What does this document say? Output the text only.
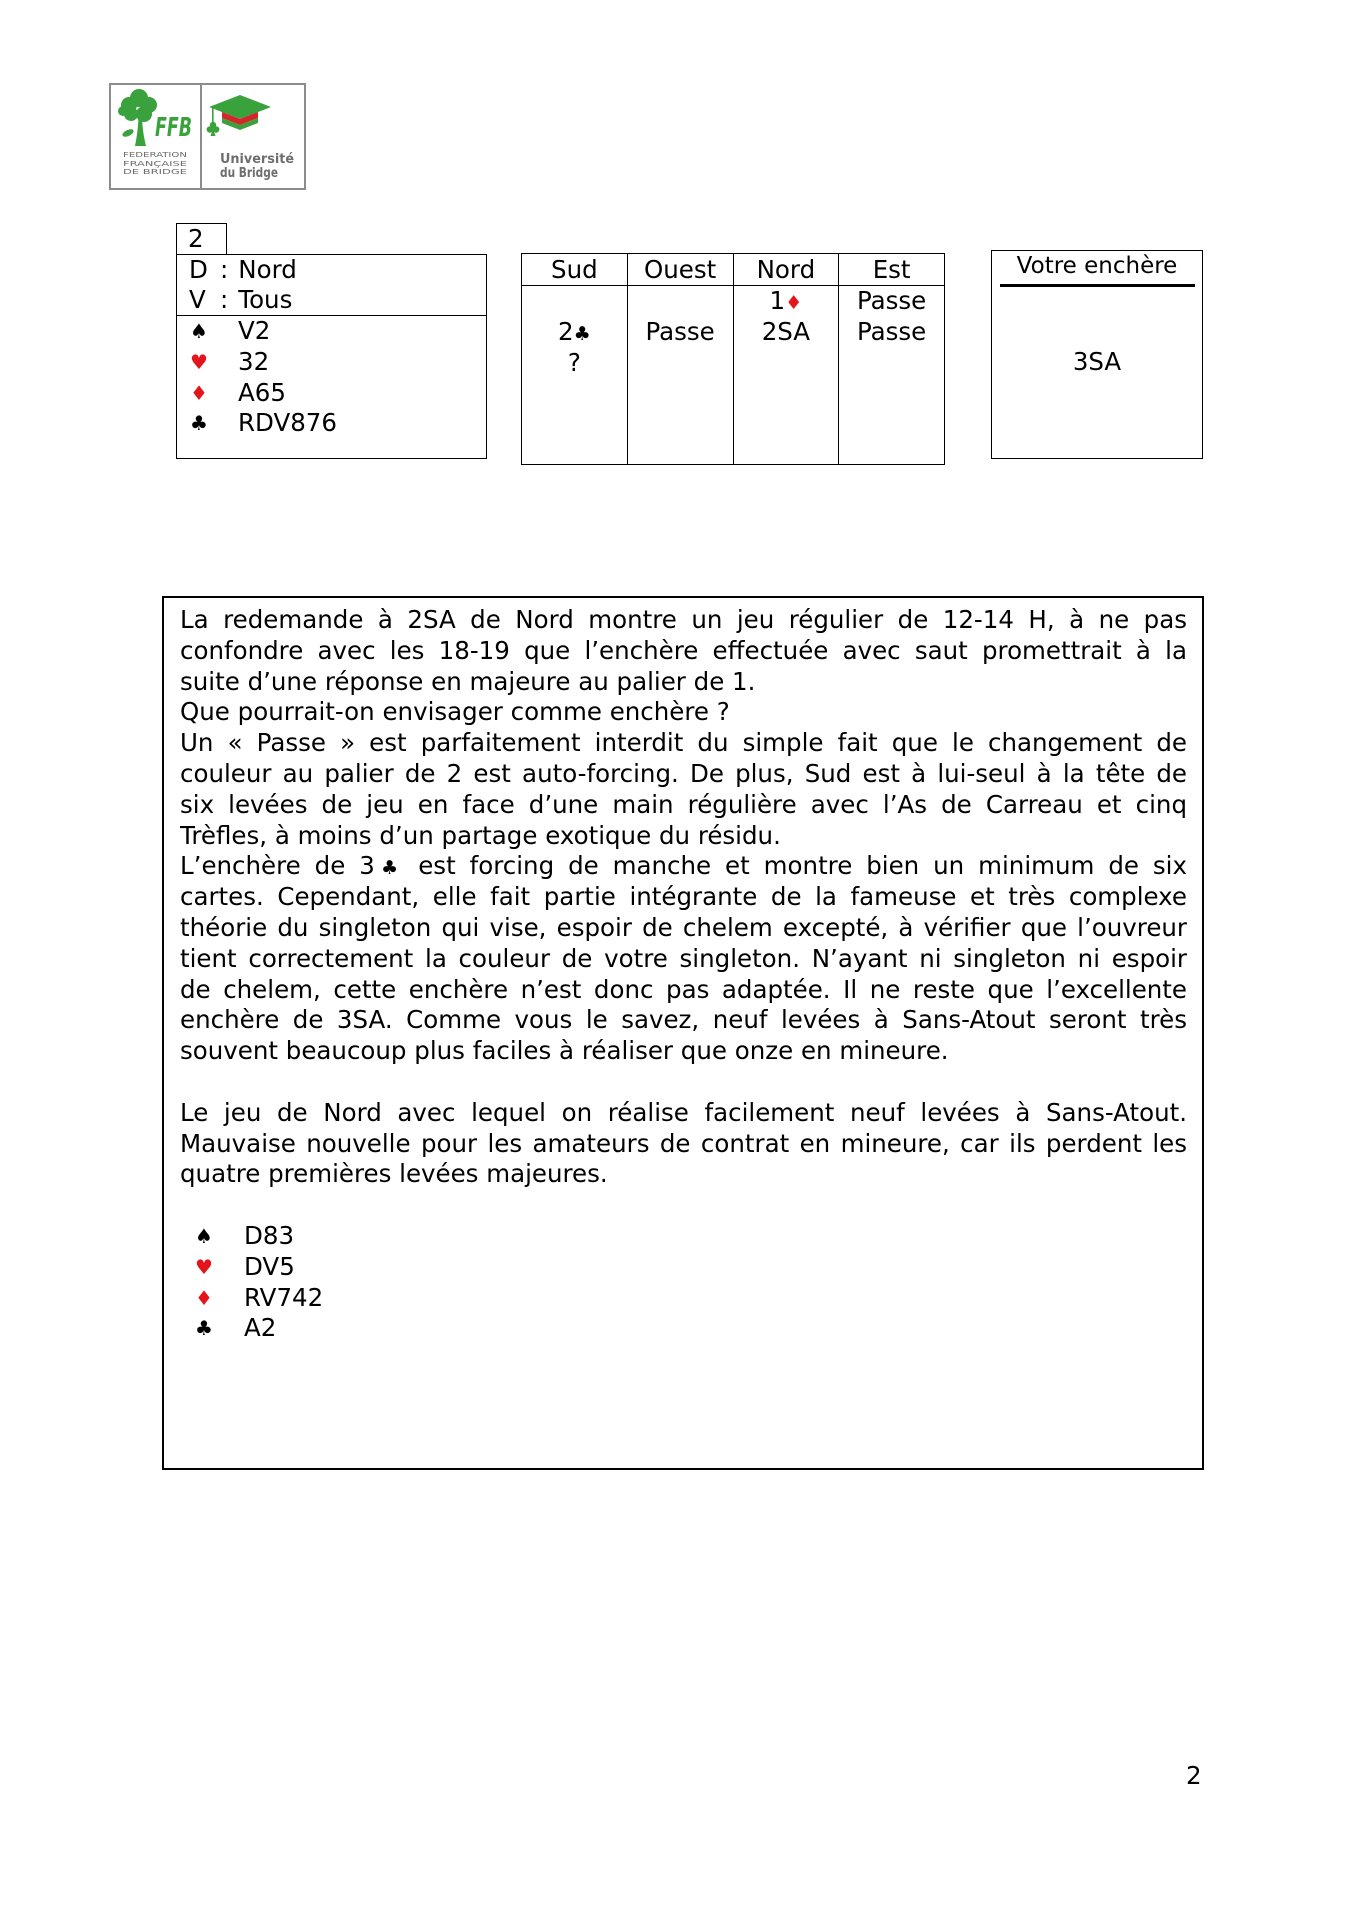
FFB
FEDERATION
FRANÇAISE
DE BRIDGE
Université
du Bridge
2
D : Nord
V : Tous
♠ V2
♥ 32
♦ A65
♣ RDV876
Sud
2♣
?
Ouest
Passe
Nord
1♦
2SA
Est
Passe
Passe
Votre enchère
3SA
La redemande à 2SA de Nord montre un jeu régulier de 12-14 H, à ne pas
confondre avec les 18-19 que l’enchère effectuée avec saut promettrait à la
suite d’une réponse en majeure au palier de 1.
Que pourrait-on envisager comme enchère ?
Un « Passe » est parfaitement interdit du simple fait que le changement de
couleur au palier de 2 est auto-forcing. De plus, Sud est à lui-seul à la tête de
six levées de jeu en face d’une main régulière avec l’As de Carreau et cinq
Trèfles, à moins d’un partage exotique du résidu.
L’enchère de 3♣ est forcing de manche et montre bien un minimum de six
cartes. Cependant, elle fait partie intégrante de la fameuse et très complexe
théorie du singleton qui vise, espoir de chelem excepté, à vérifier que l’ouvreur
tient correctement la couleur de votre singleton. N’ayant ni singleton ni espoir
de chelem, cette enchère n’est donc pas adaptée. Il ne reste que l’excellente
enchère de 3SA. Comme vous le savez, neuf levées à Sans-Atout seront très
souvent beaucoup plus faciles à réaliser que onze en mineure.
Le jeu de Nord avec lequel on réalise facilement neuf levées à Sans-Atout.
Mauvaise nouvelle pour les amateurs de contrat en mineure, car ils perdent les
quatre premières levées majeures.
♠ D83
♥ DV5
♦ RV742
♣ A2
2
